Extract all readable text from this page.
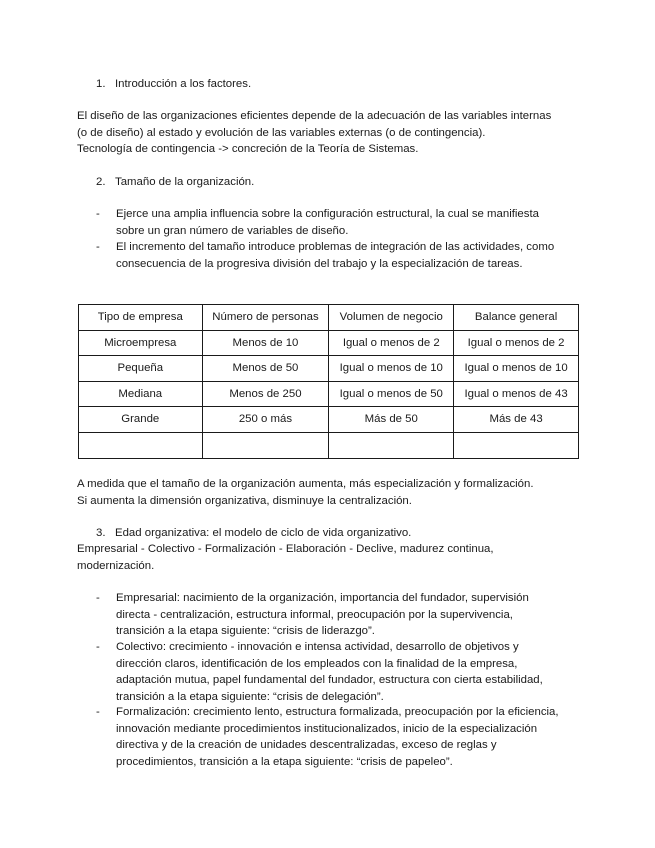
1. Introducción a los factores.
El diseño de las organizaciones eficientes depende de la adecuación de las variables internas
(o de diseño) al estado y evolución de las variables externas (o de contingencia).
Tecnología de contingencia -> concreción de la Teoría de Sistemas.
2. Tamaño de la organización.
- Ejerce una amplia influencia sobre la configuración estructural, la cual se manifiesta
sobre un gran número de variables de diseño.
- El incremento del tamaño introduce problemas de integración de las actividades, como
consecuencia de la progresiva división del trabajo y la especialización de tareas.
Tipo de empresa	Número de personas	Volumen de negocio	Balance general
Microempresa	Menos de 10	Igual o menos de 2	Igual o menos de 2
Pequeña	Menos de 50	Igual o menos de 10	Igual o menos de 10
Mediana	Menos de 250	Igual o menos de 50	Igual o menos de 43
Grande	250 o más	Más de 50	Más de 43

A medida que el tamaño de la organización aumenta, más especialización y formalización.
Si aumenta la dimensión organizativa, disminuye la centralización.
3. Edad organizativa: el modelo de ciclo de vida organizativo.
Empresarial - Colectivo - Formalización - Elaboración - Declive, madurez continua,
modernización.
- Empresarial: nacimiento de la organización, importancia del fundador, supervisión
directa - centralización, estructura informal, preocupación por la supervivencia,
transición a la etapa siguiente: “crisis de liderazgo”.
- Colectivo: crecimiento - innovación e intensa actividad, desarrollo de objetivos y
dirección claros, identificación de los empleados con la finalidad de la empresa,
adaptación mutua, papel fundamental del fundador, estructura con cierta estabilidad,
transición a la etapa siguiente: “crisis de delegación”.
- Formalización: crecimiento lento, estructura formalizada, preocupación por la eficiencia,
innovación mediante procedimientos institucionalizados, inicio de la especialización
directiva y de la creación de unidades descentralizadas, exceso de reglas y
procedimientos, transición a la etapa siguiente: “crisis de papeleo”.
